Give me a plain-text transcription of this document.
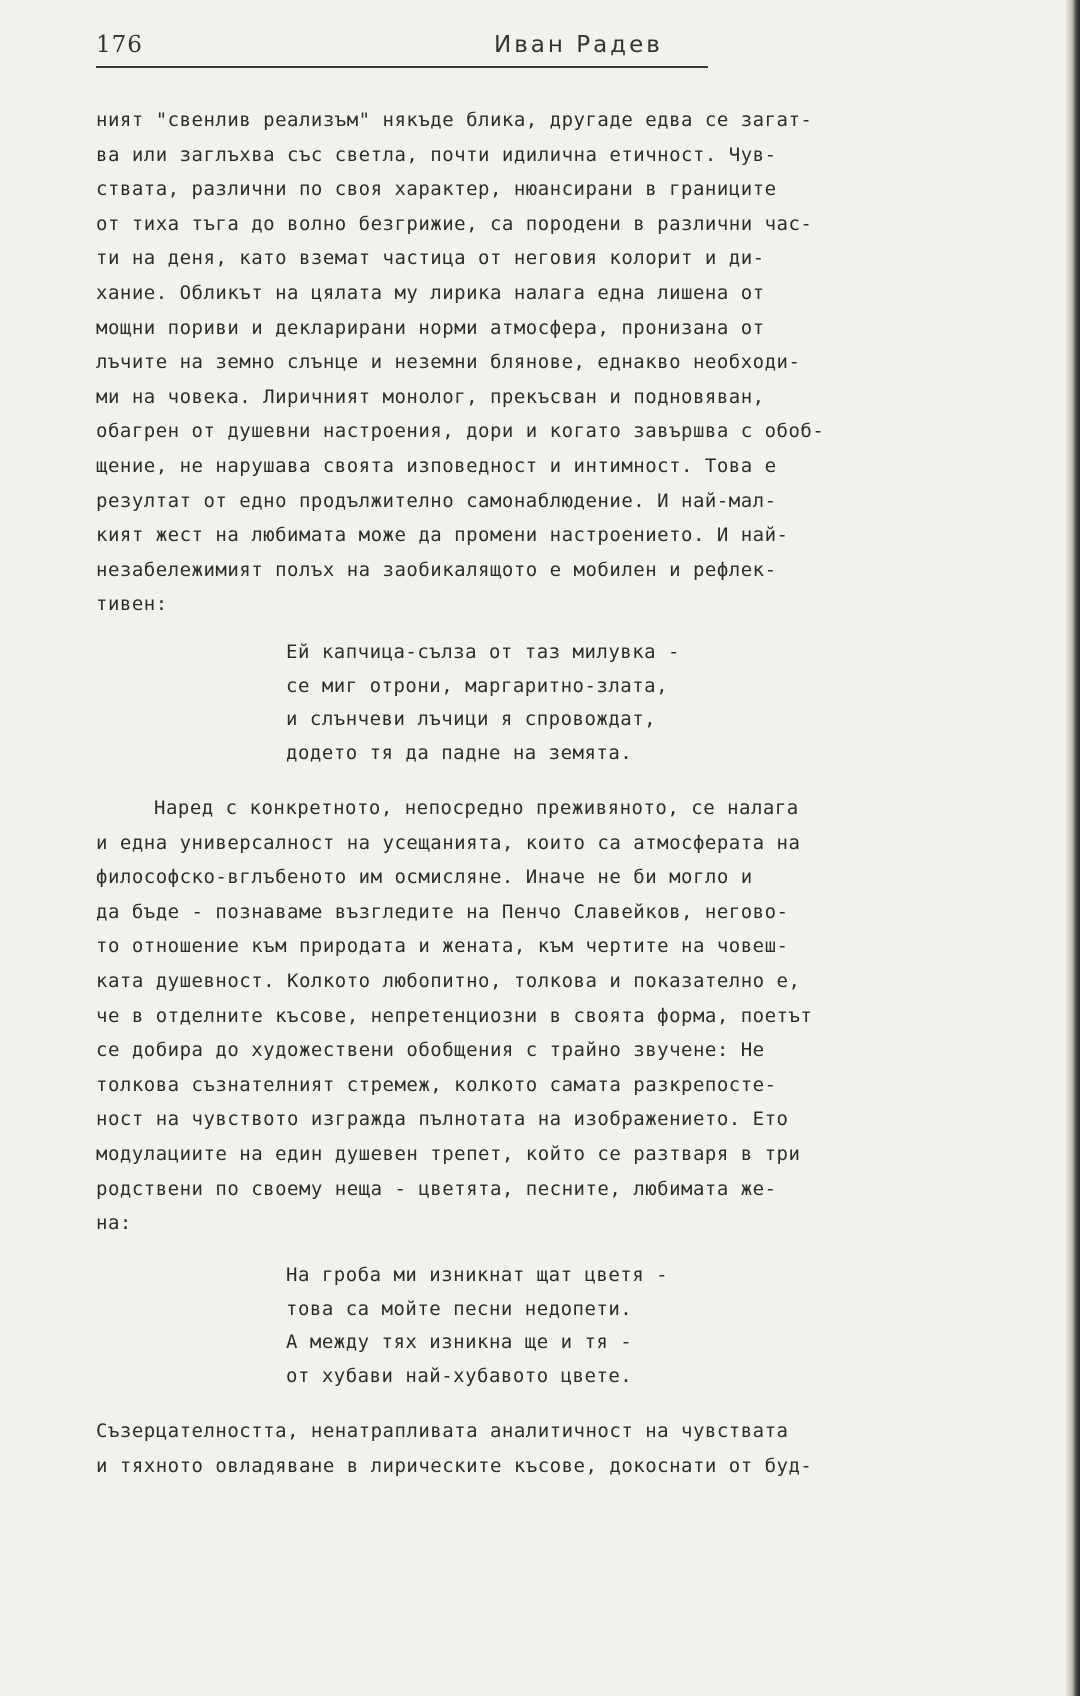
176	Иван Радев
ният "свенлив реализъм" някъде блика, другаде едва се загат-
ва или заглъхва със светла, почти идилична етичност. Чув-
ствата, различни по своя характер, нюансирани в границите
от тиха тъга до волно безгрижие, са породени в различни час-
ти на деня, като вземат частица от неговия колорит и ди-
хание. Обликът на цялата му лирика налага една лишена от
мощни пориви и декларирани норми атмосфера, пронизана от
лъчите на земно слънце и неземни блянове, еднакво необходи-
ми на човека. Лиричният монолог, прекъсван и подновяван,
обагрен от душевни настроения, дори и когато завършва с обоб-
щение, не нарушава своята изповедност и интимност. Това е
резултат от едно продължително самонаблюдение. И най-мал-
кият жест на любимата може да промени настроението. И най-
незабележимият полъх на заобикалящото е мобилен и рефлек-
тивен:
Ей капчица-сълза от таз милувка -
се миг отрони, маргаритно-злата,
и слънчеви лъчици я спровождат,
додето тя да падне на земята.
Наред с конкретното, непосредно преживяното, се налага
и една универсалност на усещанията, които са атмосферата на
философско-вглъбеното им осмисляне. Иначе не би могло и
да бъде - познаваме възгледите на Пенчо Славейков, негово-
то отношение към природата и жената, към чертите на човеш-
ката душевност. Колкото любопитно, толкова и показателно е,
че в отделните късове, непретенциозни в своята форма, поетът
се добира до художествени обобщения с трайно звучене: Не
толкова съзнателният стремеж, колкото самата разкрепосте-
ност на чувството изгражда пълнотата на изображението. Ето
модулациите на един душевен трепет, който се разтваря в три
родствени по своему неща - цветята, песните, любимата же-
на:
На гроба ми изникнат щат цветя -
това са мойте песни недопети.
А между тях изникна ще и тя -
от хубави най-хубавото цвете.
Съзерцателността, ненатрапливата аналитичност на чувствата
и тяхното овладяване в лирическите късове, докоснати от буд-
